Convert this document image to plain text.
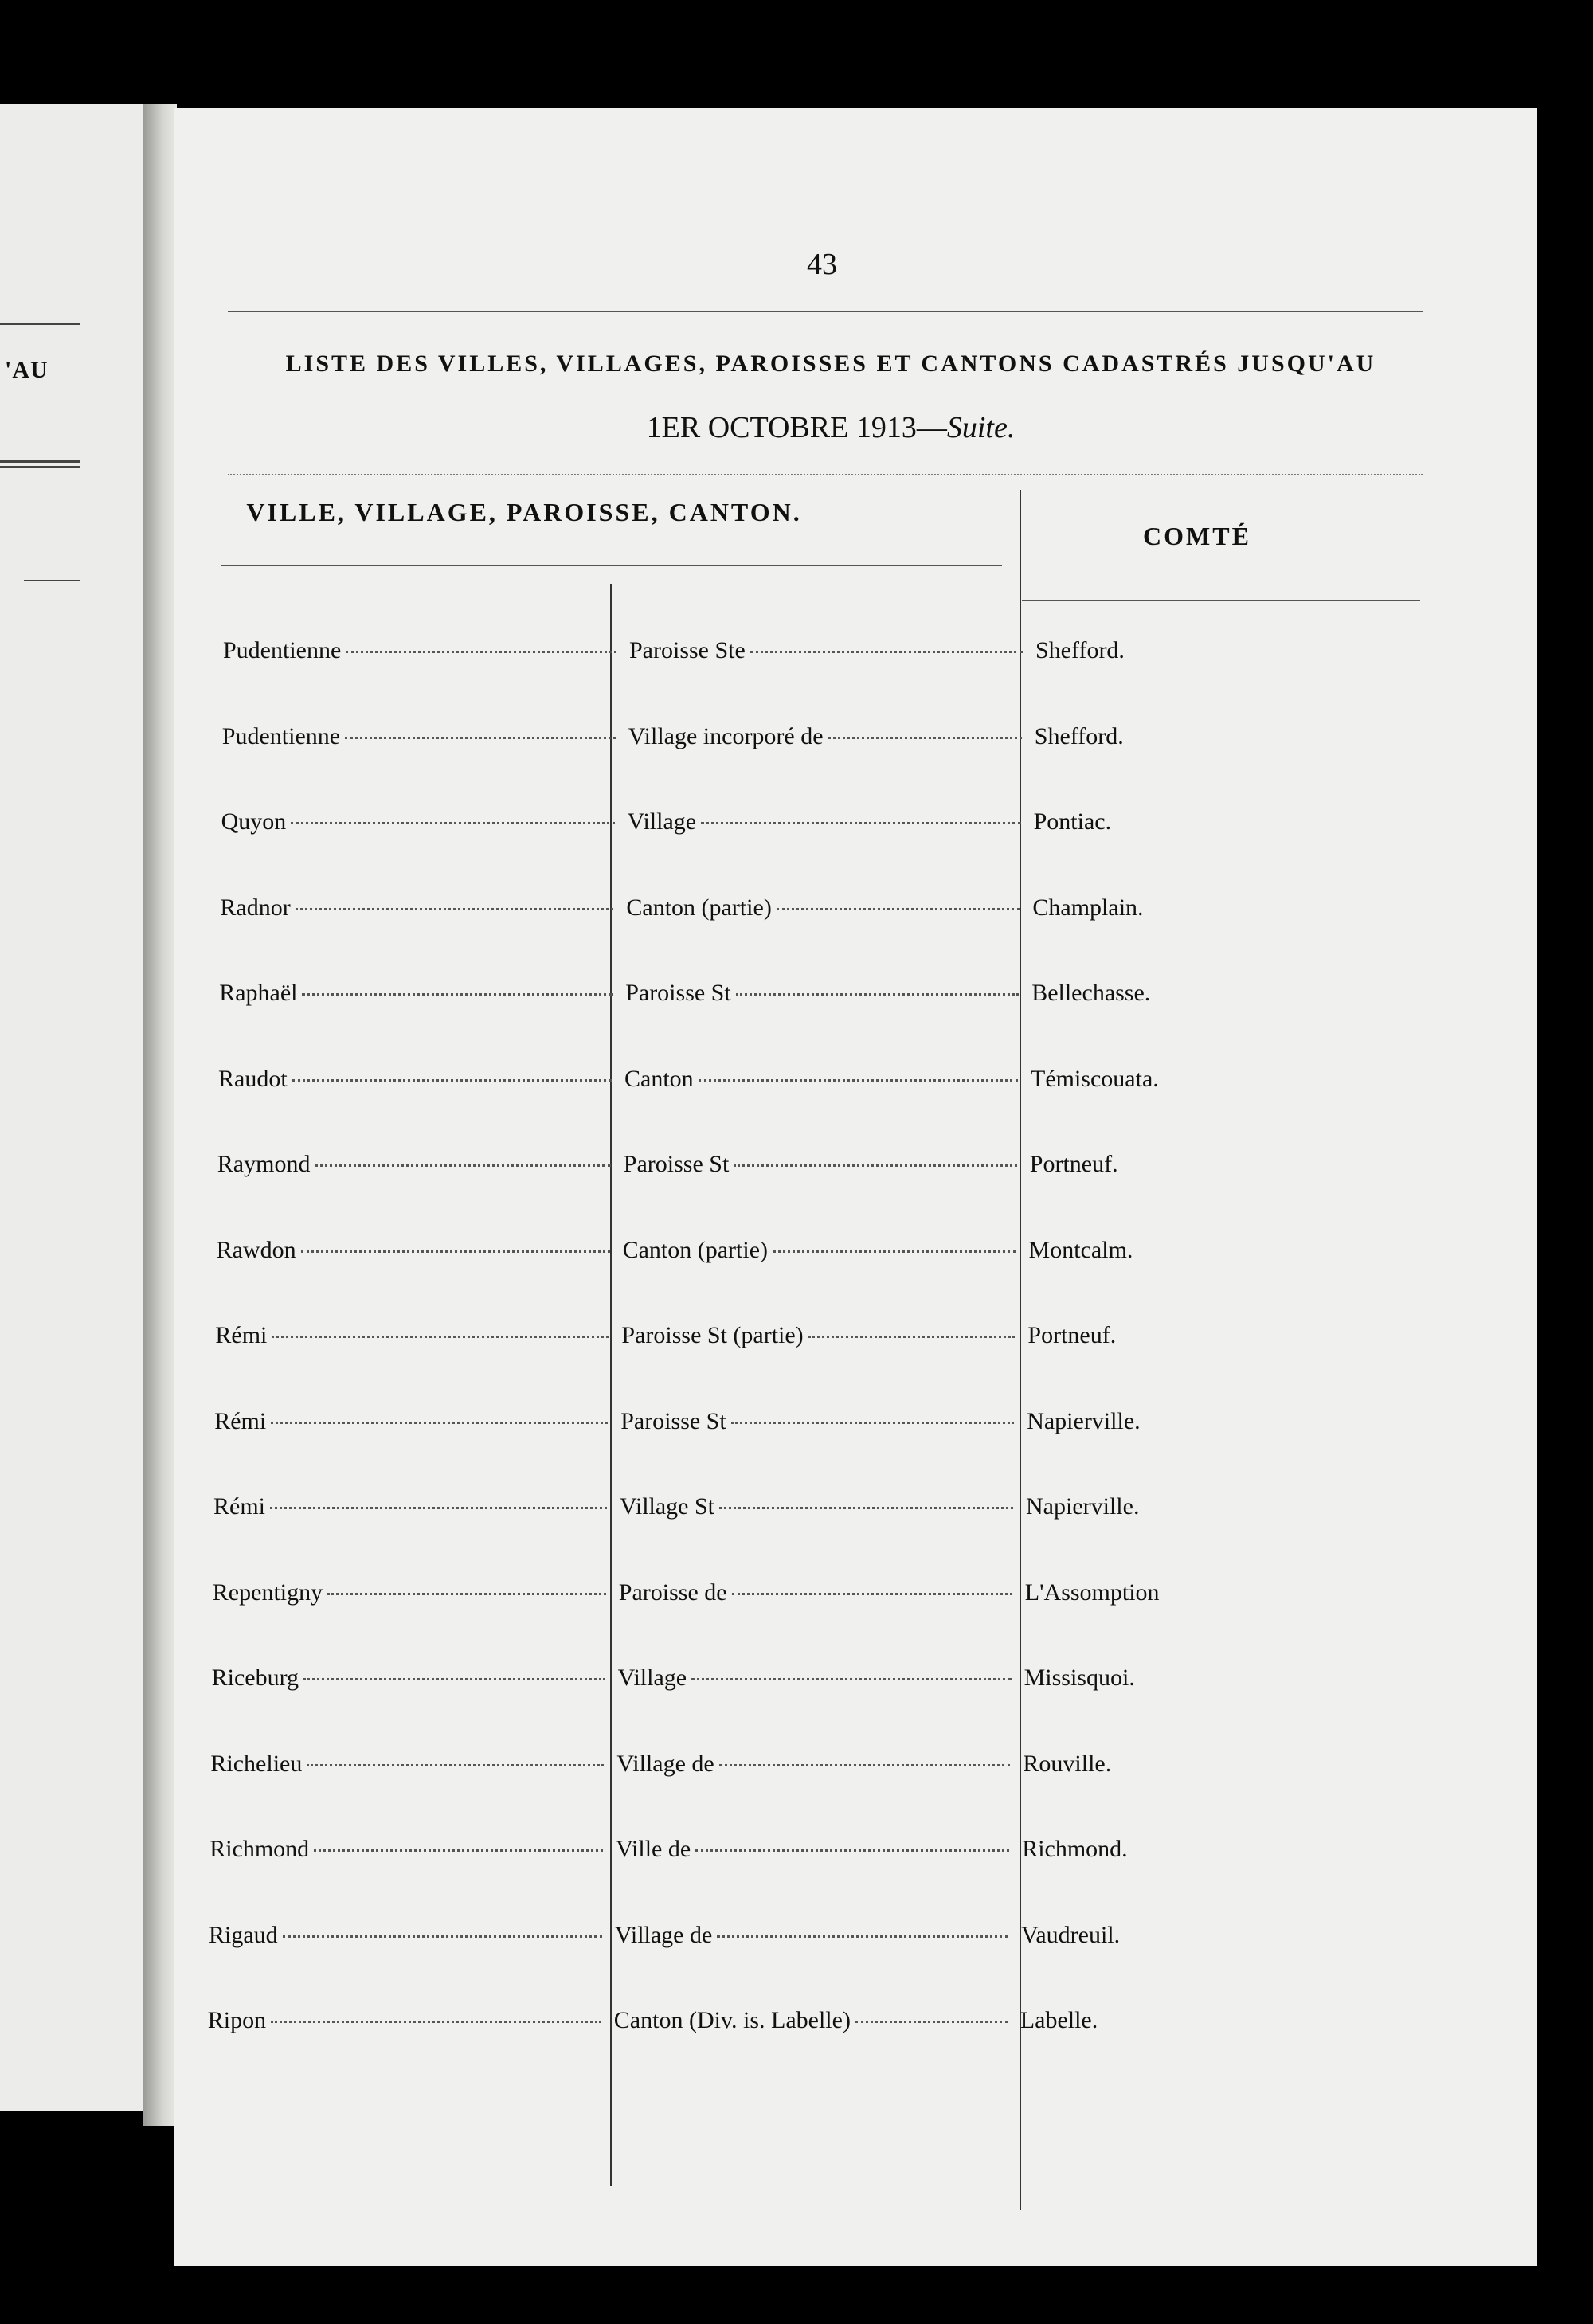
'AU
43
LISTE DES VILLES, VILLAGES, PAROISSES ET CANTONS CADASTRÉS JUSQU'AU
1ER OCTOBRE 1913—Suite.
VILLE, VILLAGE, PAROISSE, CANTON.
COMTÉ
Pudentienne	Paroisse Ste	Shefford.
Pudentienne	Village incorporé de	Shefford.
Quyon	Village	Pontiac.
Radnor	Canton (partie)	Champlain.
Raphaël	Paroisse St	Bellechasse.
Raudot	Canton	Témiscouata.
Raymond	Paroisse St	Portneuf.
Rawdon	Canton (partie)	Montcalm.
Rémi	Paroisse St (partie)	Portneuf.
Rémi	Paroisse St	Napierville.
Rémi	Village St	Napierville.
Repentigny	Paroisse de	L'Assomption
Riceburg	Village	Missisquoi.
Richelieu	Village de	Rouville.
Richmond	Ville de	Richmond.
Rigaud	Village de	Vaudreuil.
Ripon	Canton (Div. is. Labelle)	Labelle.
